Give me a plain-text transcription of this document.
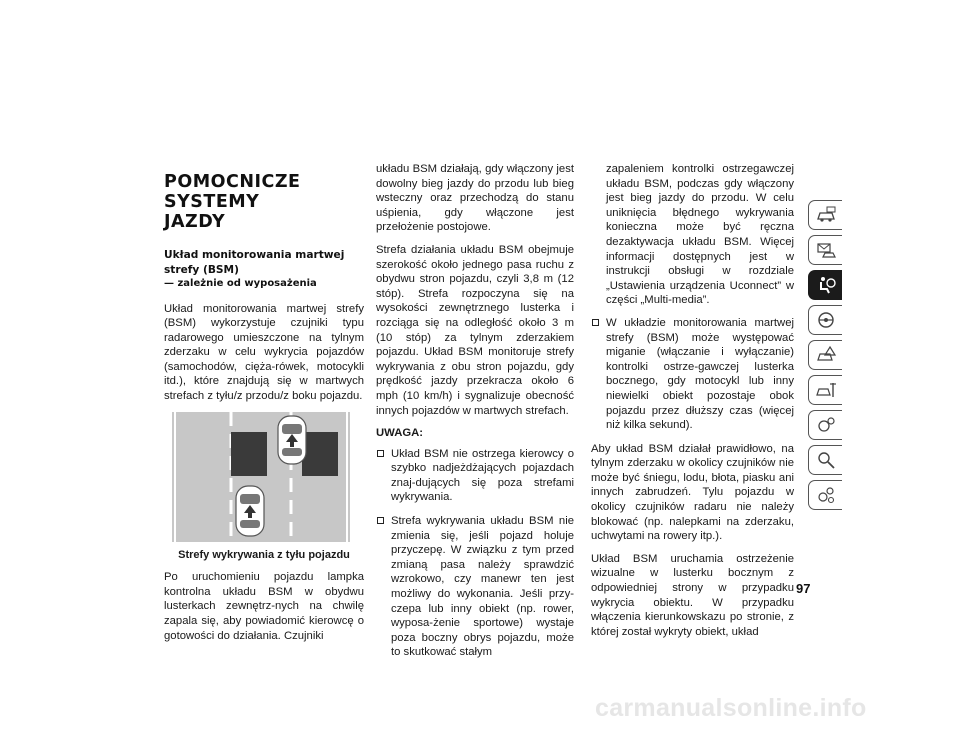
POMOCNICZE SYSTEMY
JAZDY
Układ monitorowania martwej strefy (BSM)
— zależnie od wyposażenia

Układ monitorowania martwej strefy (BSM) wykorzystuje czujniki typu radarowego umieszczone na tylnym zderzaku w celu wykrycia pojazdów (samochodów, cięża-rówek, motocykli itd.), które znajdują się w martwych strefach z tyłu/z przodu/z boku pojazdu.

Strefy wykrywania z tyłu pojazdu

Po uruchomieniu pojazdu lampka kontrolna układu BSM w obydwu lusterkach zewnętrz-nych na chwilę zapala się, aby powiadomić kierowcę o gotowości do działania. Czujniki

układu BSM działają, gdy włączony jest dowolny bieg jazdy do przodu lub bieg wsteczny oraz przechodzą do stanu uśpienia, gdy włączone jest przełożenie postojowe.

Strefa działania układu BSM obejmuje szerokość około jednego pasa ruchu z obydwu stron pojazdu, czyli 3,8 m (12 stóp). Strefa rozpoczyna się na wysokości zewnętrznego lusterka i rozciąga się na odległość około 3 m (10 stóp) za tylnym zderzakiem pojazdu. Układ BSM monitoruje strefy wykrywania z obu stron pojazdu, gdy prędkość jazdy przekracza około 6 mph (10 km/h) i sygnalizuje obecność innych pojazdów w martwych strefach.

UWAGA:
Układ BSM nie ostrzega kierowcy o szybko nadjeżdżających pojazdach znaj-dujących się poza strefami wykrywania.
Strefa wykrywania układu BSM nie zmienia się, jeśli pojazd holuje przyczepę. W związku z tym przed zmianą pasa należy sprawdzić wzrokowo, czy manewr ten jest możliwy do wykonania. Jeśli przy-czepa lub inny obiekt (np. rower, wyposa-żenie sportowe) wystaje poza boczny obrys pojazdu, może to skutkować stałym

zapaleniem kontrolki ostrzegawczej układu BSM, podczas gdy włączony jest bieg jazdy do przodu. W celu uniknięcia błędnego wykrywania konieczna może być ręczna dezaktywacja układu BSM. Więcej informacji dostępnych jest w instrukcji obsługi w rozdziale „Ustawienia urządzenia Uconnect” w części „Multi-media”.

W układzie monitorowania martwej strefy (BSM) może występować miganie (włączanie i wyłączanie) kontrolki ostrze-gawczej lusterka bocznego, gdy motocykl lub inny niewielki obiekt pozostaje obok pojazdu przez dłuższy czas (więcej niż kilka sekund).

Aby układ BSM działał prawidłowo, na tylnym zderzaku w okolicy czujników nie może być śniegu, lodu, błota, piasku ani innych zabrudzeń. Tylu pojazdu w okolicy czujników radaru nie należy blokować (np. nalepkami na zderzaku, uchwytami na rowery itp.).

Układ BSM uruchamia ostrzeżenie wizualne w lusterku bocznym z odpowiedniej strony w przypadku wykrycia obiektu. W przypadku włączenia kierunkowskazu po stronie, z której został wykryty obiekt, układ

97
carmanualsonline.info
